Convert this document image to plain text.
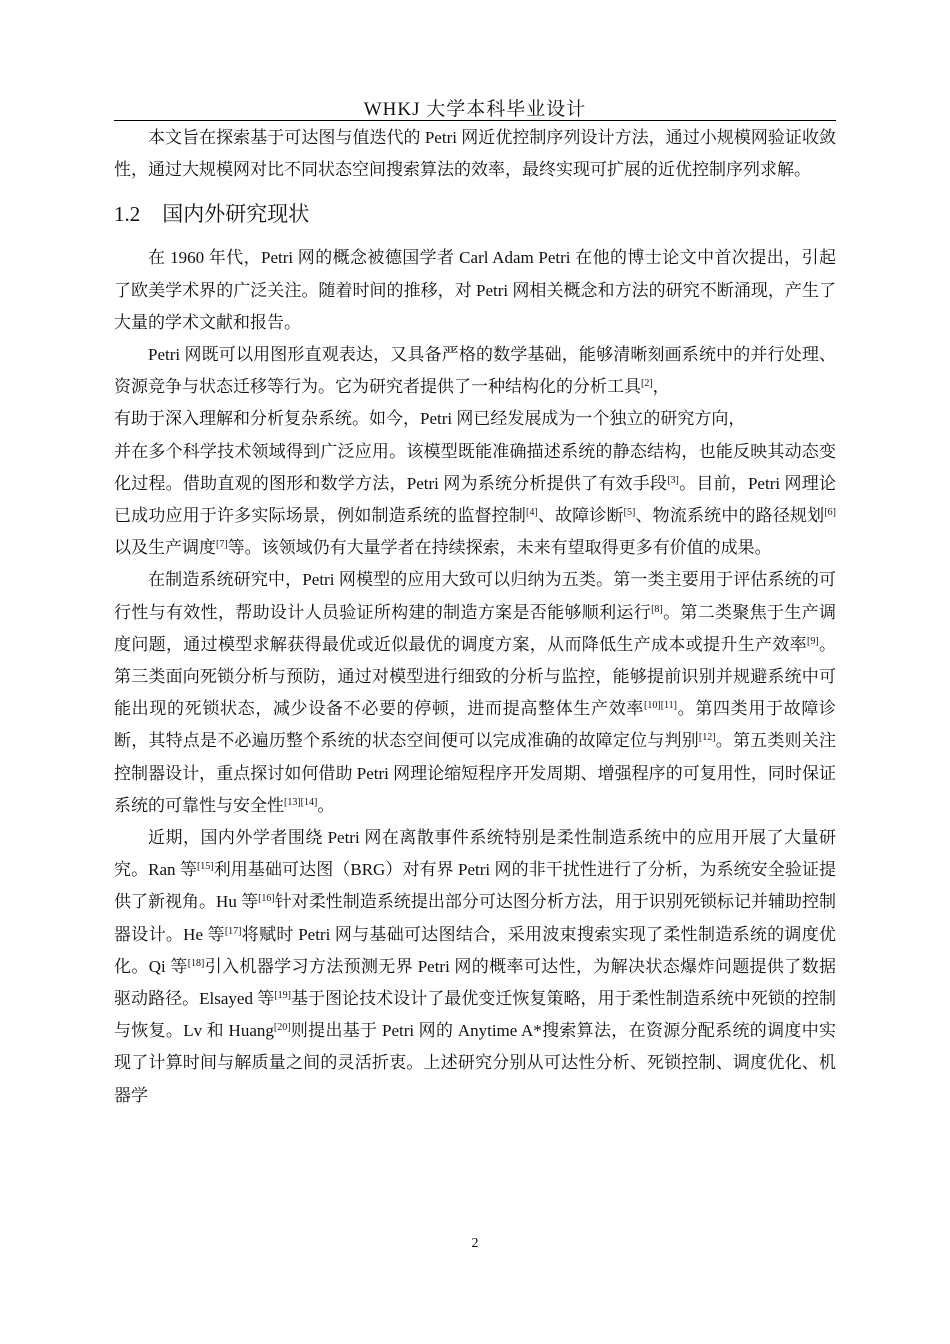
WHKJ 大学本科毕业设计

本文旨在探索基于可达图与值迭代的 Petri 网近优控制序列设计方法，通过小规模网验证收敛性，通过大规模网对比不同状态空间搜索算法的效率，最终实现可扩展的近优控制序列求解。

1.2 国内外研究现状

在 1960 年代，Petri 网的概念被德国学者 Carl Adam Petri 在他的博士论文中首次提出，引起了欧美学术界的广泛关注。随着时间的推移，对 Petri 网相关概念和方法的研究不断涌现，产生了大量的学术文献和报告。

Petri 网既可以用图形直观表达，又具备严格的数学基础，能够清晰刻画系统中的并行处理、资源竞争与状态迁移等行为。它为研究者提供了一种结构化的分析工具[2]，

有助于深入理解和分析复杂系统。如今，Petri 网已经发展成为一个独立的研究方向，

并在多个科学技术领域得到广泛应用。该模型既能准确描述系统的静态结构，也能反映其动态变化过程。借助直观的图形和数学方法，Petri 网为系统分析提供了有效手段[3]。目前，Petri 网理论已成功应用于许多实际场景，例如制造系统的监督控制[4]、故障诊断[5]、物流系统中的路径规划[6]以及生产调度[7]等。该领域仍有大量学者在持续探索，未来有望取得更多有价值的成果。

在制造系统研究中，Petri 网模型的应用大致可以归纳为五类。第一类主要用于评估系统的可行性与有效性，帮助设计人员验证所构建的制造方案是否能够顺利运行[8]。第二类聚焦于生产调度问题，通过模型求解获得最优或近似最优的调度方案，从而降低生产成本或提升生产效率[9]。第三类面向死锁分析与预防，通过对模型进行细致的分析与监控，能够提前识别并规避系统中可能出现的死锁状态，减少设备不必要的停顿，进而提高整体生产效率[10][11]。第四类用于故障诊断，其特点是不必遍历整个系统的状态空间便可以完成准确的故障定位与判别[12]。第五类则关注控制器设计，重点探讨如何借助 Petri 网理论缩短程序开发周期、增强程序的可复用性，同时保证系统的可靠性与安全性[13][14]。

近期，国内外学者围绕 Petri 网在离散事件系统特别是柔性制造系统中的应用开展了大量研究。Ran 等[15]利用基础可达图（BRG）对有界 Petri 网的非干扰性进行了分析，为系统安全验证提供了新视角。Hu 等[16]针对柔性制造系统提出部分可达图分析方法，用于识别死锁标记并辅助控制器设计。He 等[17]将赋时 Petri 网与基础可达图结合，采用波束搜索实现了柔性制造系统的调度优化。Qi 等[18]引入机器学习方法预测无界 Petri 网的概率可达性，为解决状态爆炸问题提供了数据驱动路径。Elsayed 等[19]基于图论技术设计了最优变迁恢复策略，用于柔性制造系统中死锁的控制与恢复。Lv 和 Huang[20]则提出基于 Petri 网的 Anytime A*搜索算法，在资源分配系统的调度中实现了计算时间与解质量之间的灵活折衷。上述研究分别从可达性分析、死锁控制、调度优化、机器学

2
